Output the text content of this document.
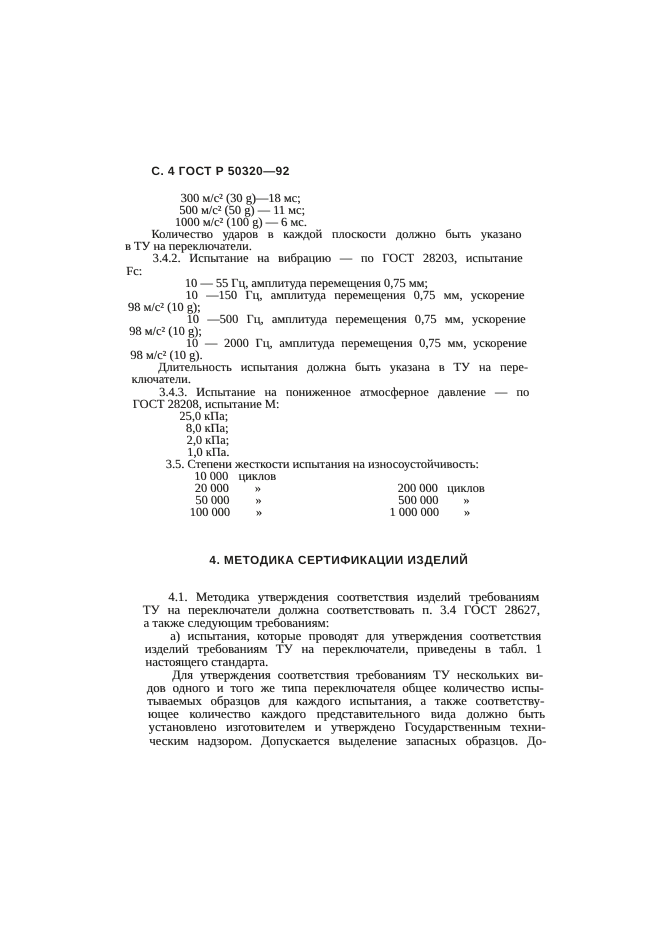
С. 4 ГОСТ Р 50320—92
300 м/с² (30 g)—18 мс;
500 м/с² (50 g) — 11 мс;
1000 м/с² (100 g) — 6 мс.
Количество ударов в каждой плоскости должно быть указано
в ТУ на переключатели.
3.4.2. Испытание на вибрацию — по ГОСТ 28203, испытание
Fc:
10 — 55 Гц, амплитуда перемещения 0,75 мм;
10 —150 Гц, амплитуда перемещения 0,75 мм, ускорение
98 м/с² (10 g);
10 —500 Гц, амплитуда перемещения 0,75 мм, ускорение
98 м/с² (10 g);
10 — 2000 Гц, амплитуда перемещения 0,75 мм, ускорение
98 м/с² (10 g).
Длительность испытания должна быть указана в ТУ на пере-
ключатели.
3.4.3. Испытание на пониженное атмосферное давление — по
ГОСТ 28208, испытание М:
25,0 кПа;
8,0 кПа;
2,0 кПа;
1,0 кПа.
3.5. Степени жесткости испытания на износоустойчивость:
10 000 циклов
20 000	»	200 000 циклов
50 000	»	500 000	»
100 000	»	1 000 000	»
4. МЕТОДИКА СЕРТИФИКАЦИИ ИЗДЕЛИЙ
4.1. Методика утверждения соответствия изделий требованиям
ТУ на переключатели должна соответствовать п. 3.4 ГОСТ 28627,
а также следующим требованиям:
а) испытания, которые проводят для утверждения соответствия
изделий требованиям ТУ на переключатели, приведены в табл. 1
настоящего стандарта.
Для утверждения соответствия требованиям ТУ нескольких ви-
дов одного и того же типа переключателя общее количество испы-
тываемых образцов для каждого испытания, а также соответству-
ющее количество каждого представительного вида должно быть
установлено изготовителем и утверждено Государственным техни-
ческим надзором. Допускается выделение запасных образцов. До-
